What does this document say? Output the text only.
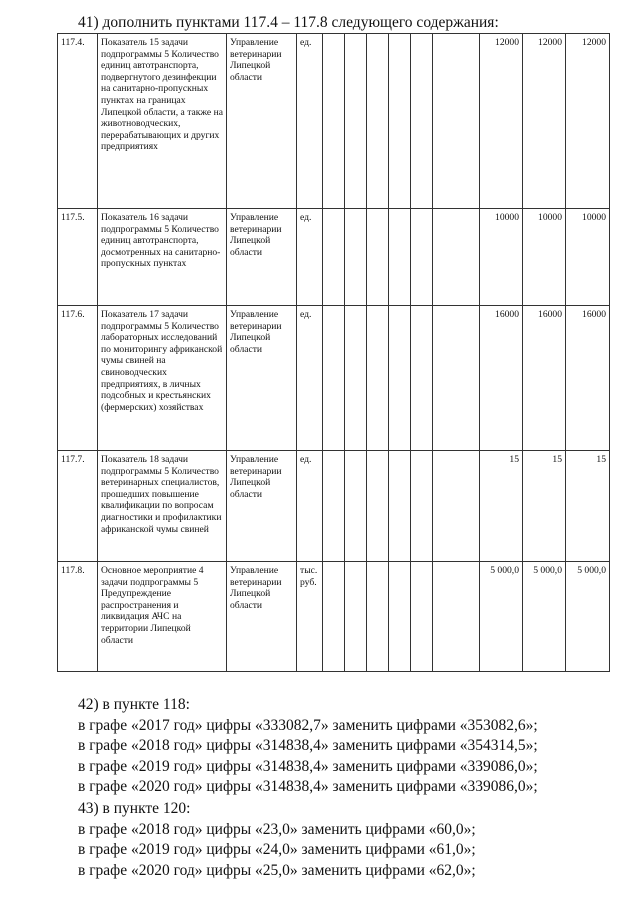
41) дополнить пунктами 117.4 – 117.8 следующего содержания:
117.4.	Показатель 15 задачи подпрограммы 5 Количество единиц автотранспорта, подвергнутого дезинфекции на санитарно-пропускных пунктах на границах Липецкой области, а также на животноводческих, перерабатывающих и других предприятиях	Управление ветеринарии Липецкой области	ед.							12000	12000	12000
117.5.	Показатель 16 задачи подпрограммы 5 Количество единиц автотранспорта, досмотренных на санитарно-пропускных пунктах	Управление ветеринарии Липецкой области	ед.							10000	10000	10000
117.6.	Показатель 17 задачи подпрограммы 5 Количество лабораторных исследований по мониторингу африканской чумы свиней на свиноводческих предприятиях, в личных подсобных и крестьянских (фермерских) хозяйствах	Управление ветеринарии Липецкой области	ед.							16000	16000	16000
117.7.	Показатель 18 задачи подпрограммы 5 Количество ветеринарных специалистов, прошедших повышение квалификации по вопросам диагностики и профилактики африканской чумы свиней	Управление ветеринарии Липецкой области	ед.							15	15	15
117.8.	Основное мероприятие 4 задачи подпрограммы 5 Предупреждение распространения и ликвидация АЧС на территории Липецкой области	Управление ветеринарии Липецкой области	тыс. руб.							5 000,0	5 000,0	5 000,0
42) в пункте 118:
в графе «2017 год» цифры «333082,7» заменить цифрами «353082,6»;
в графе «2018 год» цифры «314838,4» заменить цифрами «354314,5»;
в графе «2019 год» цифры «314838,4» заменить цифрами «339086,0»;
в графе «2020 год» цифры «314838,4» заменить цифрами «339086,0»;
43) в пункте 120:
в графе «2018 год» цифры «23,0» заменить цифрами «60,0»;
в графе «2019 год» цифры «24,0» заменить цифрами «61,0»;
в графе «2020 год» цифры «25,0» заменить цифрами «62,0»;
